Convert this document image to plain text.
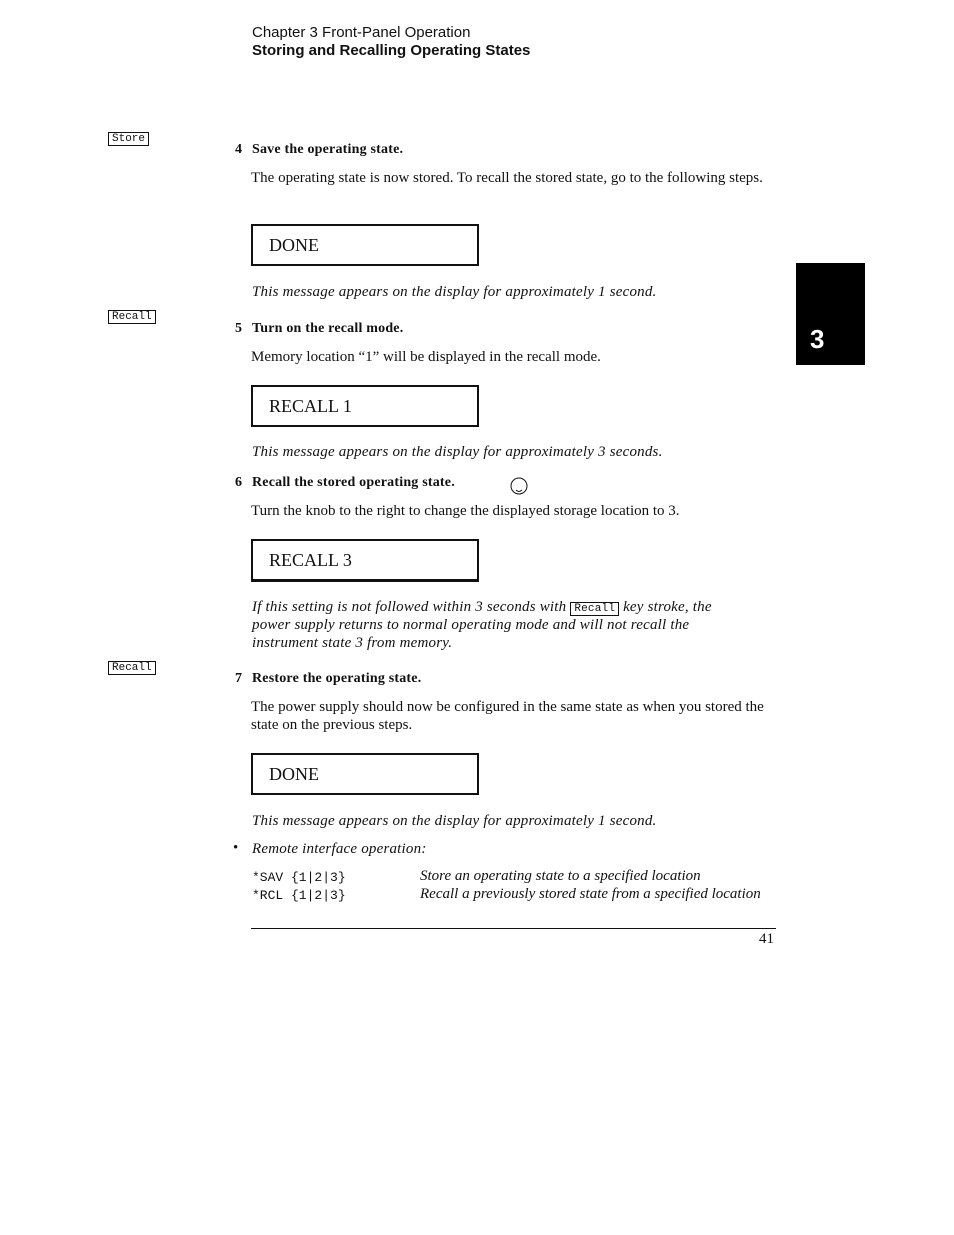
Chapter 3 Front-Panel Operation
Storing and Recalling Operating States
3
Store
Recall
Recall
4 Save the operating state.
The operating state is now stored. To recall the stored state, go to the following steps.
DONE
This message appears on the display for approximately 1 second.
5 Turn on the recall mode.
Memory location “1” will be displayed in the recall mode.
RECALL 1
This message appears on the display for approximately 3 seconds.
6 Recall the stored operating state.
Turn the knob to the right to change the displayed storage location to 3.
RECALL 3
If this setting is not followed within 3 seconds with Recall key stroke, the
power supply returns to normal operating mode and will not recall the
instrument state 3 from memory.
7 Restore the operating state.
The power supply should now be configured in the same state as when you stored the state on the previous steps.
DONE
This message appears on the display for approximately 1 second.
• Remote interface operation:
*SAV {1|2|3}	Store an operating state to a specified location
*RCL {1|2|3}	Recall a previously stored state from a specified location
41
